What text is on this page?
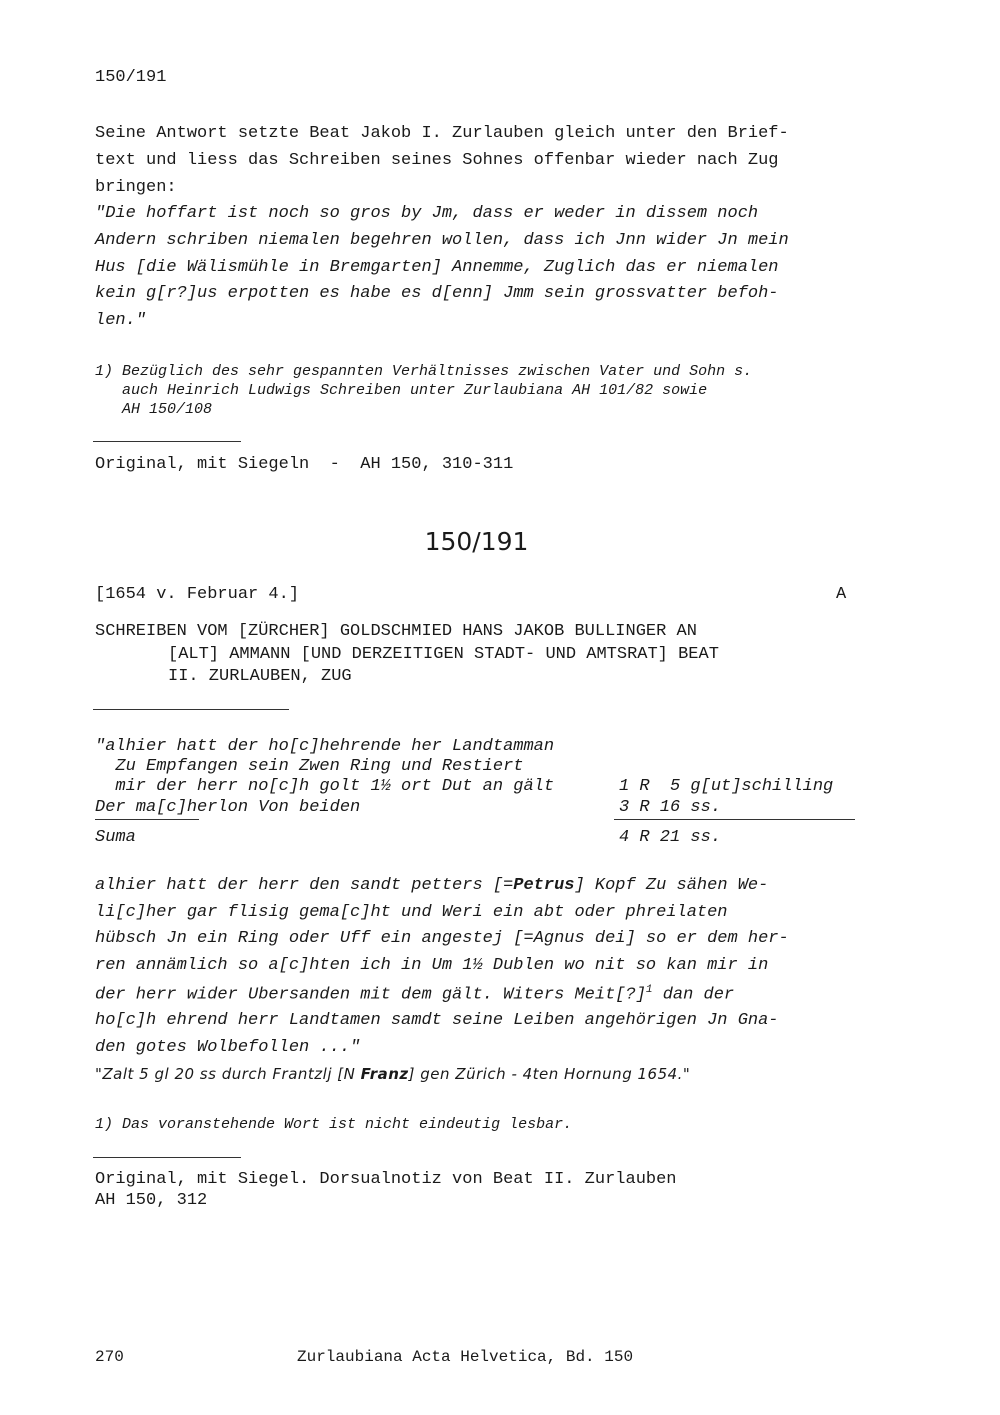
150/191
Seine Antwort setzte Beat Jakob I. Zurlauben gleich unter den Brief-
text und liess das Schreiben seines Sohnes offenbar wieder nach Zug
bringen:
"Die hoffart ist noch so gros by Jm, dass er weder in dissem noch
Andern schriben niemalen begehren wollen, dass ich Jnn wider Jn mein
Hus [die Wälismühle in Bremgarten] Annemme, Zuglich das er niemalen
kein g[r?]us erpotten es habe es d[enn] Jmm sein grossvatter befoh-
len."
1) Bezüglich des sehr gespannten Verhältnisses zwischen Vater und Sohn s.
auch Heinrich Ludwigs Schreiben unter Zurlaubiana AH 101/82 sowie
AH 150/108
Original, mit Siegeln  -  AH 150, 310-311
150/191
[1654 v. Februar 4.]	A
SCHREIBEN VOM [ZÜRCHER] GOLDSCHMIED HANS JAKOB BULLINGER AN
[ALT] AMMANN [UND DERZEITIGEN STADT- UND AMTSRAT] BEAT
II. ZURLAUBEN, ZUG
"alhier hatt der ho[c]hehrende her Landtamman
Zu Empfangen sein Zwen Ring und Restiert
mir der herr no[c]h golt 1½ ort Dut an gält	1 R  5 g[ut]schilling
Der ma[c]herlon Von beiden	3 R 16 ss.
Suma	4 R 21 ss.
alhier hatt der herr den sandt petters [=Petrus] Kopf Zu sähen We-
li[c]her gar flisig gema[c]ht und Weri ein abt oder phreilaten
hübsch Jn ein Ring oder Uff ein angestej [=Agnus dei] so er dem her-
ren annämlich so a[c]hten ich in Um 1½ Dublen wo nit so kan mir in
der herr wider Ubersanden mit dem gält. Witers Meit[?]$^1$ dan der
ho[c]h ehrend herr Landtamen samdt seine Leiben angehörigen Jn Gna-
den gotes Wolbefollen ..."
"Zalt 5 gl 20 ss durch Frantzlj [N Franz] gen Zürich - 4ten Hornung 1654."
1) Das voranstehende Wort ist nicht eindeutig lesbar.
Original, mit Siegel. Dorsualnotiz von Beat II. Zurlauben
AH 150, 312
270	Zurlaubiana Acta Helvetica, Bd. 150
